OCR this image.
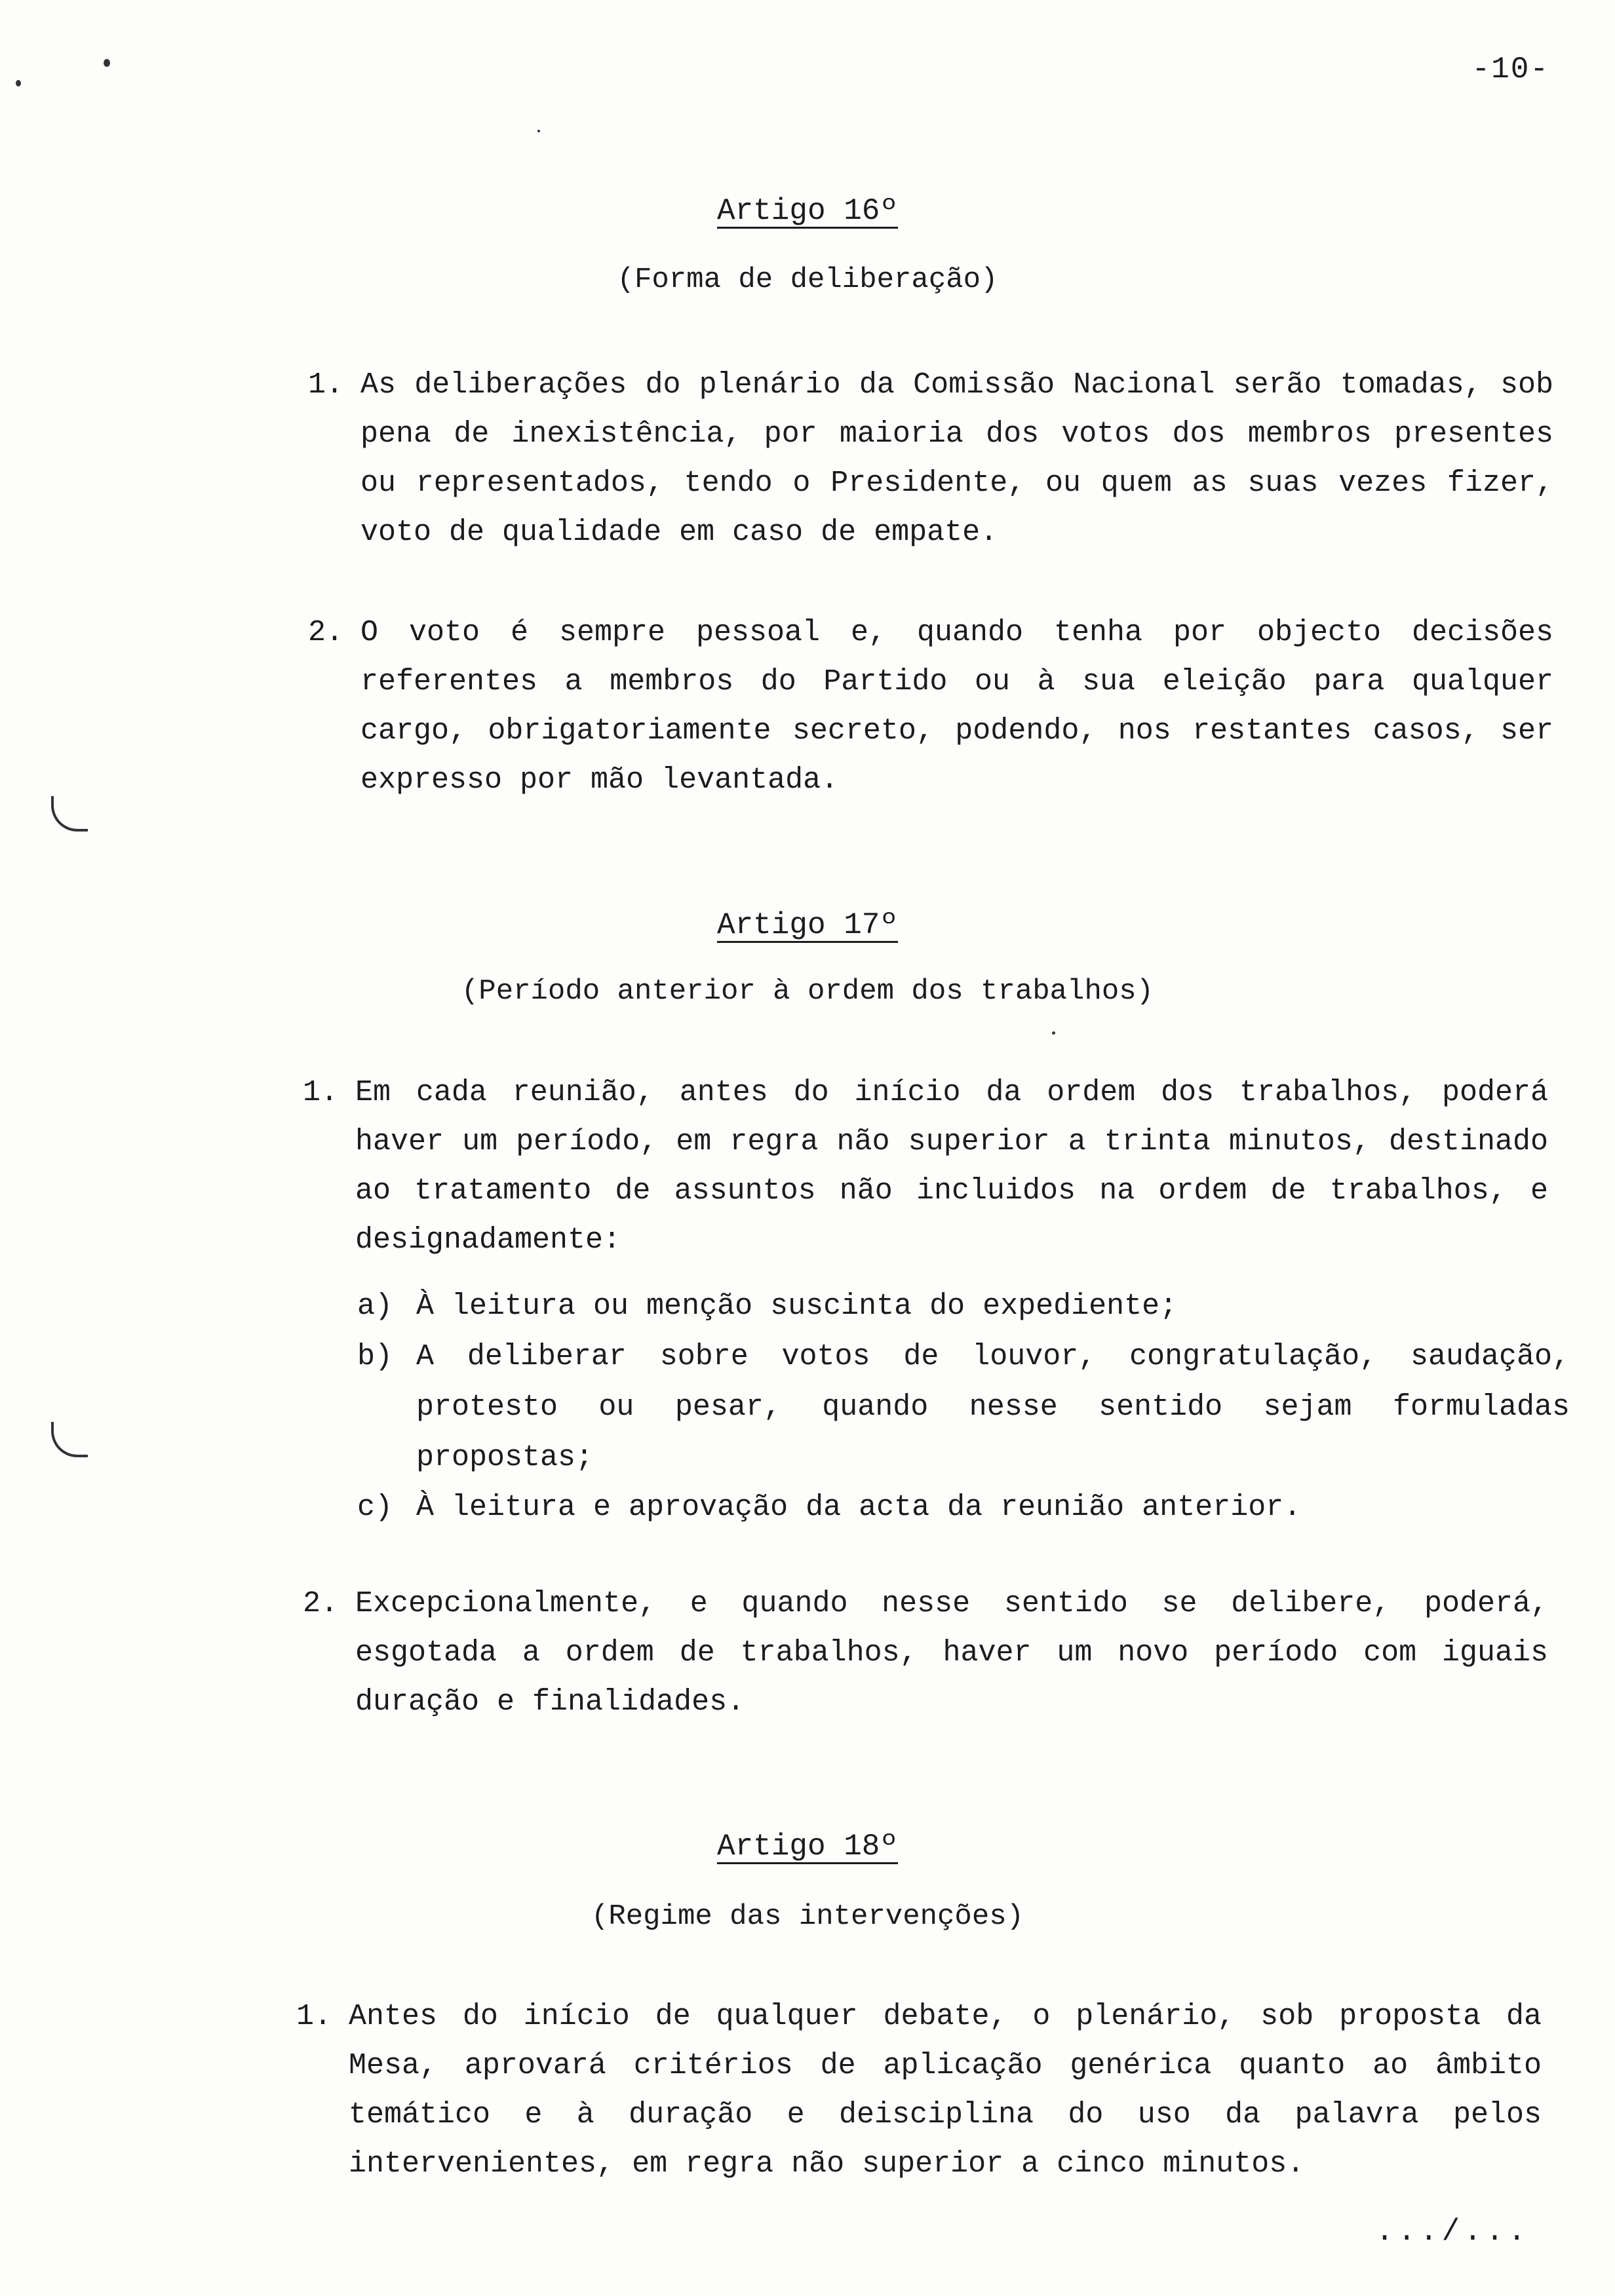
-10-
Artigo 16º
(Forma de deliberação)
1. As deliberações do plenário da Comissão Nacional serão tomadas, sob pena de inexistência, por maioria dos votos dos membros presentes ou representados, tendo o Presidente, ou quem as suas vezes fizer, voto de qualidade em caso de empate.
2. O voto é sempre pessoal e, quando tenha por objecto decisões referentes a membros do Partido ou à sua eleição para qualquer cargo, obrigatoriamente secreto, podendo, nos restantes casos, ser expresso por mão levantada.
Artigo 17º
(Período anterior à ordem dos trabalhos)
1. Em cada reunião, antes do início da ordem dos trabalhos, poderá haver um período, em regra não superior a trinta minutos, destinado ao tratamento de assuntos não incluidos na ordem de trabalhos, e designadamente:
a) À leitura ou menção suscinta do expediente;
b) A deliberar sobre votos de louvor, congratulação, saudação, protesto ou pesar, quando nesse sentido sejam formuladas propostas;
c) À leitura e aprovação da acta da reunião anterior.
2. Excepcionalmente, e quando nesse sentido se delibere, poderá, esgotada a ordem de trabalhos, haver um novo período com iguais duração e finalidades.
Artigo 18º
(Regime das intervenções)
1. Antes do início de qualquer debate, o plenário, sob proposta da Mesa, aprovará critérios de aplicação genérica quanto ao âmbito temático e à duração e deisciplina do uso da palavra pelos intervenientes, em regra não superior a cinco minutos.
.../...
